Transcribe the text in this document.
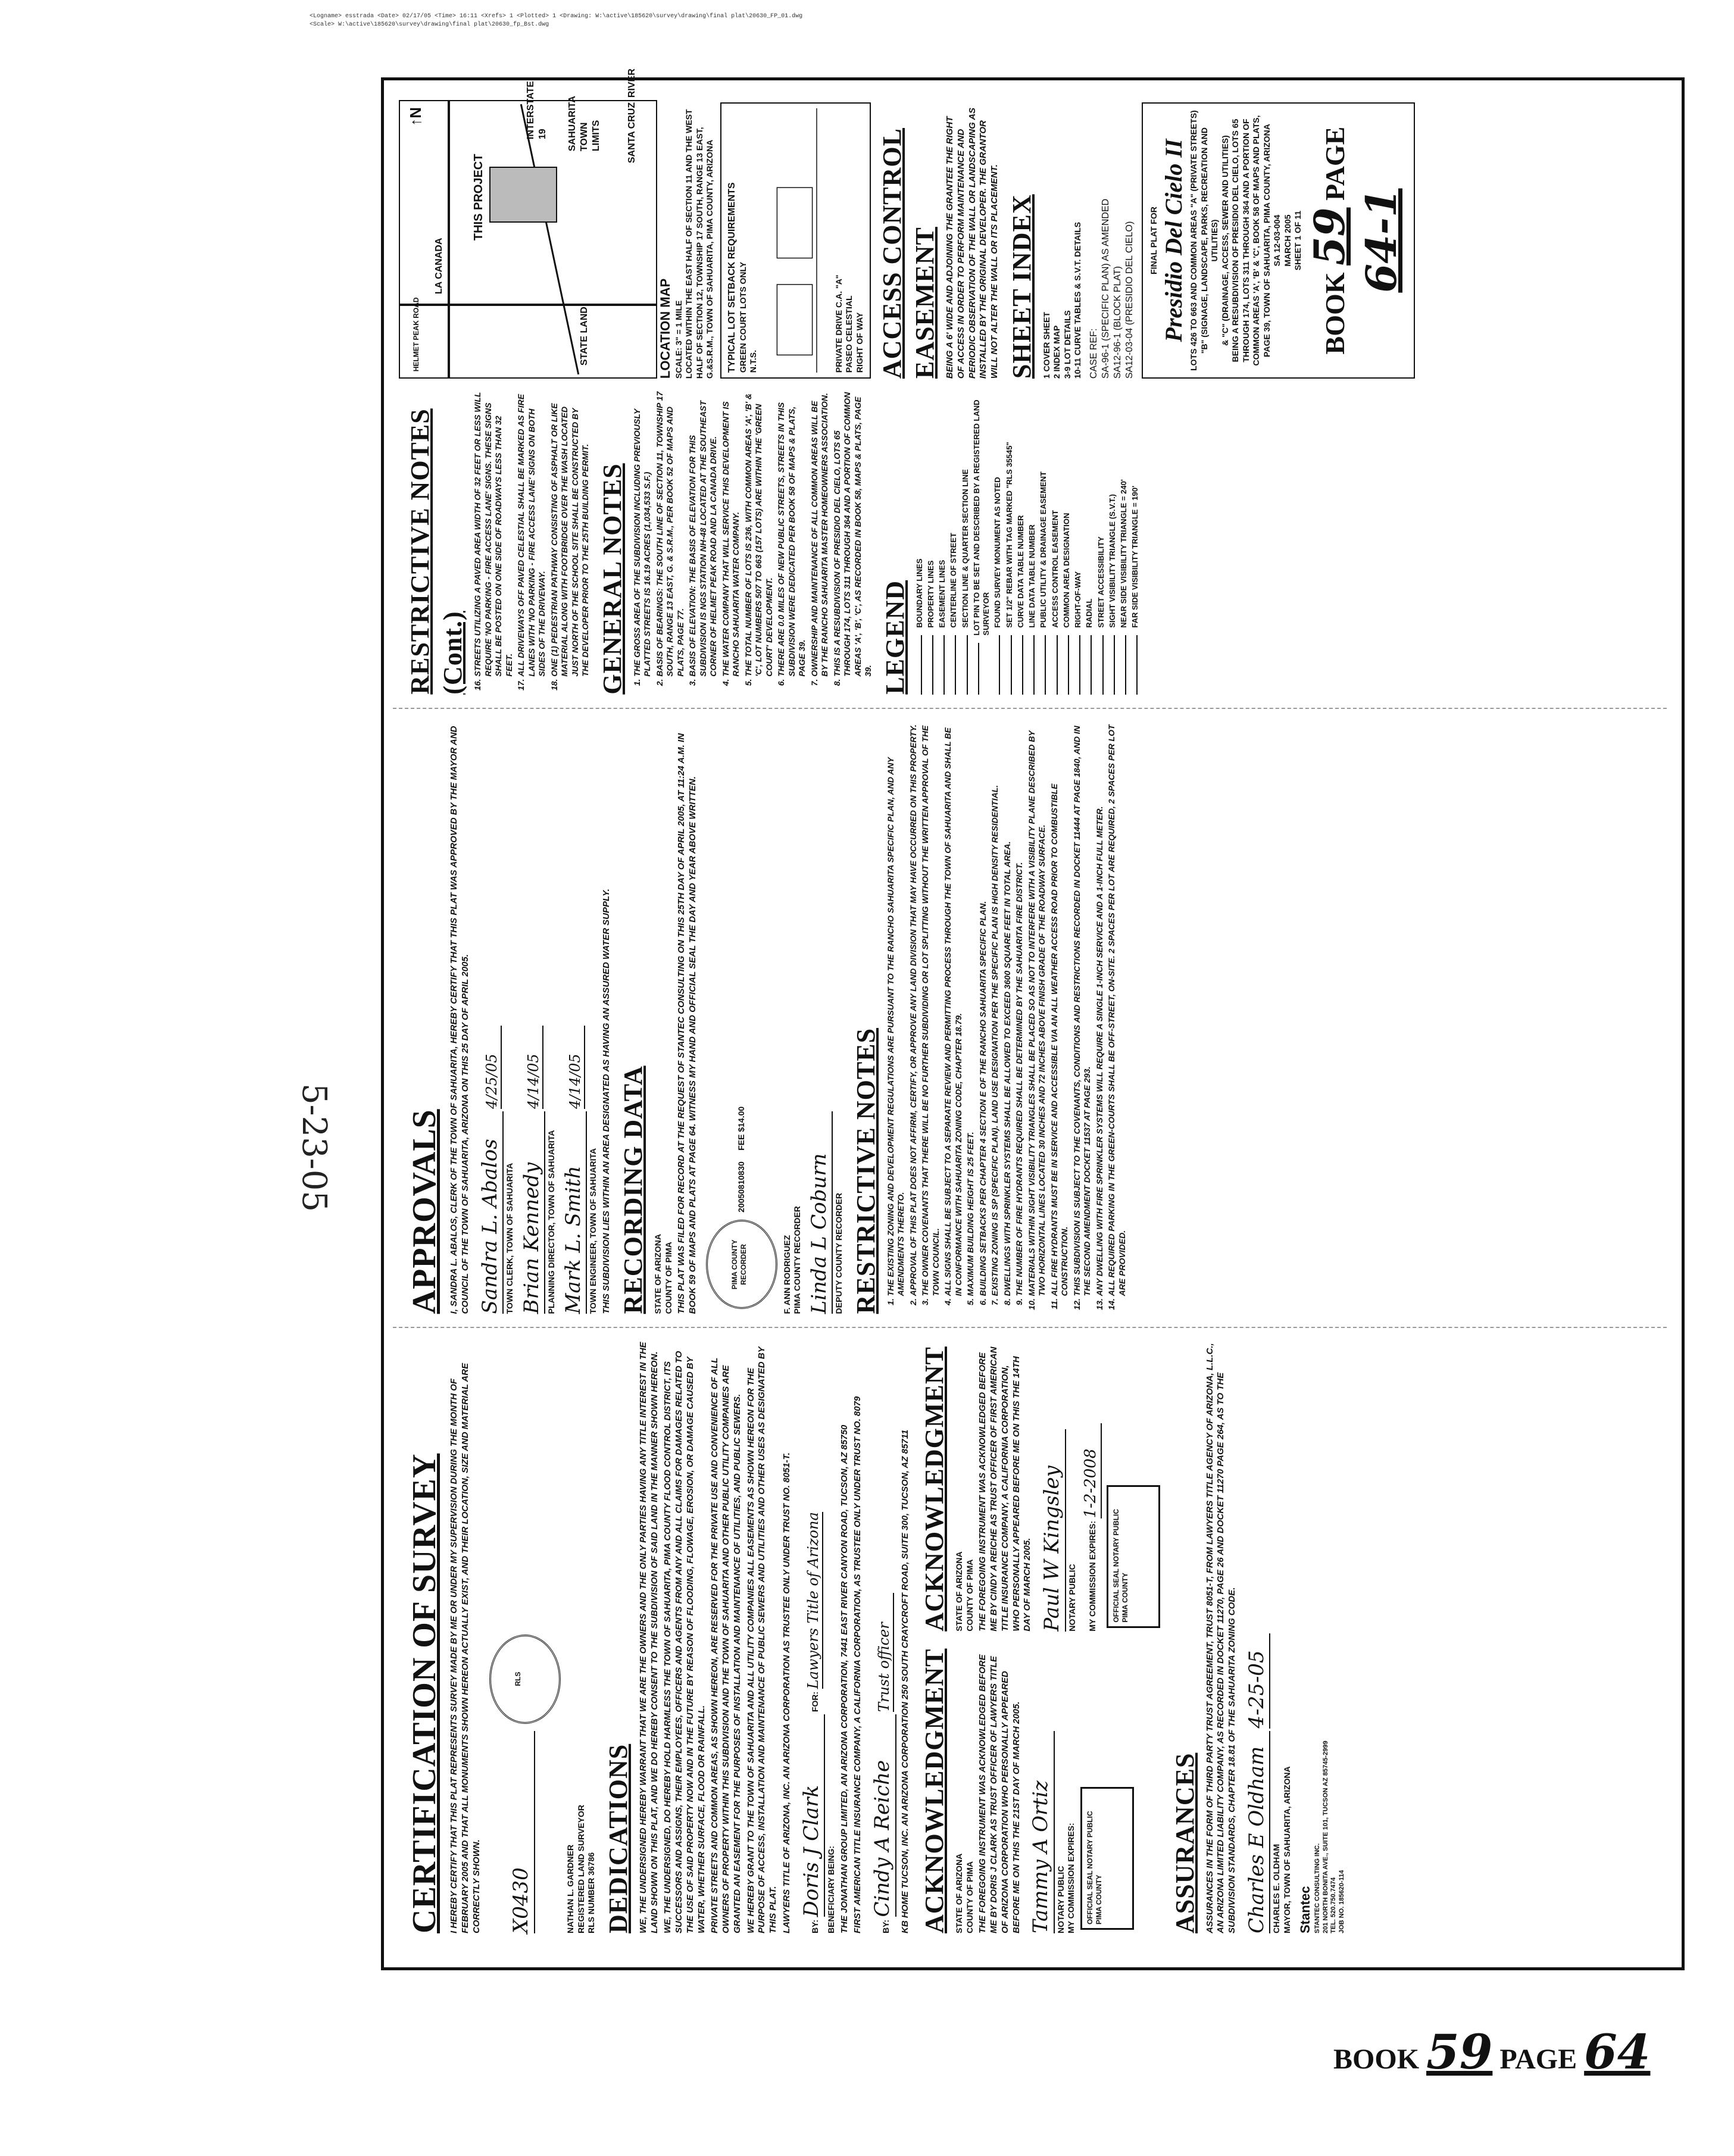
<Logname> esstrada <Date> 02/17/05 <Time> 16:11 <Xrefs> 1 <Plotted> 1 <Drawing: W:\active\185620\survey\drawing\final plat\20630_FP_01.dwg
<Scale> W:\active\185620\survey\drawing\final plat\20630_fp_Bst.dwg
CERTIFICATION OF SURVEY I HEREBY CERTIFY THAT THIS PLAT REPRESENTS SURVEY MADE BY ME OR UNDER MY SUPERVISION DURING THE MONTH OF FEBRUARY 2005 AND THAT ALL MONUMENTS SHOWN HEREON ACTUALLY EXIST, AND THEIR LOCATION, SIZE AND MATERIAL ARE CORRECTLY SHOWN. X0430 RLS
NATHAN L. GARDNER REGISTERED LAND SURVEYOR RLS NUMBER 36786 DEDICATIONS WE, THE UNDERSIGNED HEREBY WARRANT THAT WE ARE THE OWNERS AND THE ONLY PARTIES HAVING ANY TITLE INTEREST IN THE LAND SHOWN ON THIS PLAT, AND WE DO HEREBY CONSENT TO THE SUBDIVISION OF SAID LAND IN THE MANNER SHOWN HEREON. WE, THE UNDERSIGNED, DO HEREBY HOLD HARMLESS THE TOWN OF SAHUARITA, PIMA COUNTY FLOOD CONTROL DISTRICT, ITS SUCCESSORS AND ASSIGNS, THEIR EMPLOYEES, OFFICERS AND AGENTS FROM ANY AND ALL CLAIMS FOR DAMAGES RELATED TO THE USE OF SAID PROPERTY NOW AND IN THE FUTURE BY REASON OF FLOODING, FLOWAGE, EROSION, OR DAMAGE CAUSED BY WATER, WHETHER SURFACE, FLOOD OR RAINFALL. PRIVATE STREETS AND COMMON AREAS, AS SHOWN HEREON, ARE RESERVED FOR THE PRIVATE USE AND CONVENIENCE OF ALL OWNERS OF PROPERTY WITHIN THIS SUBDIVISION AND THE TOWN OF SAHUARITA AND OTHER PUBLIC UTILITY COMPANIES ARE GRANTED AN EASEMENT FOR THE PURPOSES OF INSTALLATION AND MAINTENANCE OF UTILITIES, AND PUBLIC SEWERS. WE HEREBY GRANT TO THE TOWN OF SAHUARITA AND ALL UTILITY COMPANIES ALL EASEMENTS AS SHOWN HEREON FOR THE PURPOSE OF ACCESS, INSTALLATION AND MAINTENANCE OF PUBLIC SEWERS AND UTILITIES AND OTHER USES AS DESIGNATED BY THIS PLAT. LAWYERS TITLE OF ARIZONA, INC. AN ARIZONA CORPORATION AS TRUSTEE ONLY UNDER TRUST NO. 8051-T.	BY: Doris J Clark FOR: Lawyers Title of Arizona
BENEFICIARY BEING: THE JONATHAN GROUP LIMITED, AN ARIZONA CORPORATION, 7441 EAST RIVER CANYON ROAD, TUCSON, AZ 85750 FIRST AMERICAN TITLE INSURANCE COMPANY, A CALIFORNIA CORPORATION, AS TRUSTEE ONLY UNDER TRUST NO. 8079	BY: Cindy A Reiche Trust officer KB HOME TUCSON, INC. AN ARIZONA CORPORATION 250 SOUTH CRAYCROFT ROAD, SUITE 300, TUCSON, AZ 85711 ACKNOWLEDGMENT STATE OF ARIZONA COUNTY OF PIMA THE FOREGOING INSTRUMENT WAS ACKNOWLEDGED BEFORE ME BY DORIS J CLARK AS TRUST OFFICER OF LAWYERS TITLE OF ARIZONA CORPORATION WHO PERSONALLY APPEARED BEFORE ME ON THIS THE 21ST DAY OF MARCH 2005. Tammy A Ortiz NOTARY PUBLIC MY COMMISSION EXPIRES: OFFICIAL SEAL NOTARY PUBLIC PIMA COUNTY
ACKNOWLEDGMENT STATE OF ARIZONA COUNTY OF PIMA THE FOREGOING INSTRUMENT WAS ACKNOWLEDGED BEFORE ME BY CINDY A REICHE AS TRUST OFFICER OF FIRST AMERICAN TITLE INSURANCE COMPANY, A CALIFORNIA CORPORATION, WHO PERSONALLY APPEARED BEFORE ME ON THIS THE 14TH DAY OF MARCH 2005. Paul W Kingsley NOTARY PUBLIC	MY COMMISSION EXPIRES: 1-2-2008
OFFICIAL SEAL NOTARY PUBLIC PIMA COUNTY
ASSURANCES ASSURANCES IN THE FORM OF THIRD PARTY TRUST AGREEMENT, TRUST 8051-T, FROM LAWYERS TITLE AGENCY OF ARIZONA, L.L.C., AN ARIZONA LIMITED LIABILITY COMPANY, AS RECORDED IN DOCKET 11270, PAGE 26 AND DOCKET 11270 PAGE 264, AS TO THE SUBDIVISION STANDARDS, CHAPTER 18.81 OF THE SAHUARITA ZONING CODE. Charles E Oldham 4-25-05
CHARLES E. OLDHAM MAYOR, TOWN OF SAHUARITA, ARIZONA Stantec STANTEC CONSULTING INC. 201 NORTH BONITA AVE., SUITE 101, TUCSON AZ 85745-2999 TEL. 520.750.7474 JOB NO. 185620-114
APPROVALS I, SANDRA L. ABALOS, CLERK OF THE TOWN OF SAHUARITA, HEREBY CERTIFY THAT THIS PLAT WAS APPROVED BY THE MAYOR AND COUNCIL OF THE TOWN OF SAHUARITA, ARIZONA ON THIS 25 DAY OF APRIL 2005. Sandra L. Abalos 4/25/05
TOWN CLERK, TOWN OF SAHUARITA Brian Kennedy 4/14/05
PLANNING DIRECTOR, TOWN OF SAHUARITA Mark L. Smith 4/14/05
TOWN ENGINEER, TOWN OF SAHUARITA THIS SUBDIVISION LIES WITHIN AN AREA DESIGNATED AS HAVING AN ASSURED WATER SUPPLY. RECORDING DATA STATE OF ARIZONA COUNTY OF PIMA THIS PLAT WAS FILED FOR RECORD AT THE REQUEST OF STANTEC CONSULTING ON THIS 25TH DAY OF APRIL 2005, AT 11:24 A.M. IN BOOK 59 OF MAPS AND PLATS AT PAGE 64. WITNESS MY HAND AND OFFICIAL SEAL THE DAY AND YEAR ABOVE WRITTEN.	PIMA COUNTY RECORDER 20050810830 FEE $14.00
F. ANN RODRIGUEZ PIMA COUNTY RECORDER Linda L Coburn DEPUTY COUNTY RECORDER RESTRICTIVE NOTES 1. THE EXISTING ZONING AND DEVELOPMENT REGULATIONS ARE PURSUANT TO THE RANCHO SAHUARITA SPECIFIC PLAN, AND ANY AMENDMENTS THERETO. 2. APPROVAL OF THIS PLAT DOES NOT AFFIRM, CERTIFY, OR APPROVE ANY LAND DIVISION THAT MAY HAVE OCCURRED ON THIS PROPERTY. 3. THE OWNER COVENANTS THAT THERE WILL BE NO FURTHER SUBDIVIDING OR LOT SPLITTING WITHOUT THE WRITTEN APPROVAL OF THE TOWN COUNCIL. 4. ALL SIGNS SHALL BE SUBJECT TO A SEPARATE REVIEW AND PERMITTING PROCESS THROUGH THE TOWN OF SAHUARITA AND SHALL BE IN CONFORMANCE WITH SAHUARITA ZONING CODE, CHAPTER 18.79. 5. MAXIMUM BUILDING HEIGHT IS 25 FEET. 6. BUILDING SETBACKS PER CHAPTER 4 SECTION E OF THE RANCHO SAHUARITA SPECIFIC PLAN. 7. EXISTING ZONING IS SP (SPECIFIC PLAN). LAND USE DESIGNATION PER THE SPECIFIC PLAN IS HIGH DENSITY RESIDENTIAL. 8. DWELLINGS WITH SPRINKLER SYSTEMS SHALL BE ALLOWED TO EXCEED 3600 SQUARE FEET IN TOTAL AREA. 9. THE NUMBER OF FIRE HYDRANTS REQUIRED SHALL BE DETERMINED BY THE SAHUARITA FIRE DISTRICT. 10. MATERIALS WITHIN SIGHT VISIBILITY TRIANGLES SHALL BE PLACED SO AS NOT TO INTERFERE WITH A VISIBILITY PLANE DESCRIBED BY TWO HORIZONTAL LINES LOCATED 30 INCHES AND 72 INCHES ABOVE FINISH GRADE OF THE ROADWAY SURFACE. 11. ALL FIRE HYDRANTS MUST BE IN SERVICE AND ACCESSIBLE VIA AN ALL WEATHER ACCESS ROAD PRIOR TO COMBUSTIBLE CONSTRUCTION. 12. THIS SUBDIVISION IS SUBJECT TO THE COVENANTS, CONDITIONS AND RESTRICTIONS RECORDED IN DOCKET 11444 AT PAGE 1840, AND IN THE SECOND AMENDMENT DOCKET 11537 AT PAGE 293. 13. ANY DWELLING WITH FIRE SPRINKLER SYSTEMS WILL REQUIRE A SINGLE 1-INCH SERVICE AND A 1-INCH FULL METER. 14. ALL REQUIRED PARKING IN THE GREEN-COURTS SHALL BE OFF-STREET, ON-SITE. 2 SPACES PER LOT ARE REQUIRED, 2 SPACES PER LOT ARE PROVIDED.
RESTRICTIVE NOTES (Cont.) 16. STREETS UTILIZING A PAVED AREA WIDTH OF 32 FEET OR LESS WILL REQUIRE 'NO PARKING - FIRE ACCESS LANE' SIGNS. THESE SIGNS SHALL BE POSTED ON ONE SIDE OF ROADWAYS LESS THAN 32 FEET. 17. ALL DRIVEWAYS OFF PAVED CELESTIAL SHALL BE MARKED AS FIRE LANES WITH 'NO PARKING - FIRE ACCESS LANE' SIGNS ON BOTH SIDES OF THE DRIVEWAY. 18. ONE (1) PEDESTRIAN PATHWAY CONSISTING OF ASPHALT OR LIKE MATERIAL ALONG WITH FOOTBRIDGE OVER THE WASH LOCATED JUST NORTH OF THE SCHOOL SITE SHALL BE CONSTRUCTED BY THE DEVELOPER PRIOR TO THE 25TH BUILDING PERMIT. GENERAL NOTES 1. THE GROSS AREA OF THE SUBDIVISION INCLUDING PREVIOUSLY PLATTED STREETS IS 16.19 ACRES (1,034,533 S.F.) 2. BASIS OF BEARINGS: THE SOUTH LINE OF SECTION 11, TOWNSHIP 17 SOUTH, RANGE 13 EAST, G. & S.R.M., PER BOOK 52 OF MAPS AND PLATS, PAGE 77. 3. BASIS OF ELEVATION: THE BASIS OF ELEVATION FOR THIS SUBDIVISION IS NGS STATION NH-48 LOCATED AT THE SOUTHEAST CORNER OF HELMET PEAK ROAD AND LA CANADA DRIVE. 4. THE WATER COMPANY THAT WILL SERVICE THIS DEVELOPMENT IS RANCHO SAHUARITA WATER COMPANY. 5. THE TOTAL NUMBER OF LOTS IS 236, WITH COMMON AREAS 'A', 'B' & 'C', LOT NUMBERS 507 TO 663 (157 LOTS) ARE WITHIN THE 'GREEN COURT' DEVELOPMENT. 6. THERE ARE 0.0 MILES OF NEW PUBLIC STREETS, STREETS IN THIS SUBDIVISION WERE DEDICATED PER BOOK 58 OF MAPS & PLATS, PAGE 39. 7. OWNERSHIP AND MAINTENANCE OF ALL COMMON AREAS WILL BE BY THE RANCHO SAHUARITA MASTER HOMEOWNERS ASSOCIATION. 8. THIS IS A RESUBDIVISION OF PRESIDIO DEL CIELO, LOTS 65 THROUGH 174, LOTS 311 THROUGH 364 AND A PORTION OF COMMON AREAS 'A', 'B', 'C', AS RECORDED IN BOOK 58, MAPS & PLATS, PAGE 39. LEGEND BOUNDARY LINES PROPERTY LINES EASEMENT LINES CENTERLINE OF STREET SECTION LINE & QUARTER SECTION LINE LOT PIN TO BE SET AND DESCRIBED BY A REGISTERED LAND SURVEYOR FOUND SURVEY MONUMENT AS NOTED SET 1/2" REBAR WITH TAG MARKED "RLS 35545" CURVE DATA TABLE NUMBER LINE DATA TABLE NUMBER PUBLIC UTILITY & DRAINAGE EASEMENT ACCESS CONTROL EASEMENT COMMON AREA DESIGNATION RIGHT-OF-WAY RADIAL STREET ACCESSIBILITY SIGHT VISIBILITY TRIANGLE (S.V.T.) NEAR SIDE VISIBILITY TRIANGLE = 240' FAR SIDE VISIBILITY TRIANGLE = 190'
LA CANADA
INTERSTATE 19
THIS PROJECT
SAHUARITA TOWN LIMITS
STATE LAND
RIVER
SANTA CRUZ
HELMET PEAK ROAD
↑N
LOCATION MAP SCALE: 3" = 1 MILE LOCATED WITHIN THE EAST HALF OF SECTION 11 AND THE WEST HALF OF SECTION 12, TOWNSHIP 17 SOUTH, RANGE 13 EAST, G.&S.R.M., TOWN OF SAHUARITA, PIMA COUNTY, ARIZONA TYPICAL LOT SETBACK REQUIREMENTS GREEN COURT LOTS ONLY N.T.S.	PRIVATE DRIVE C.A. "A" PASEO CELESTIAL RIGHT OF WAY ACCESS CONTROL EASEMENT BEING A 6' WIDE AND ADJOINING THE GRANTEE THE RIGHT OF ACCESS IN ORDER TO PERFORM MAINTENANCE AND PERIODIC OBSERVATION OF THE WALL OR LANDSCAPING AS INSTALLED BY THE ORIGINAL DEVELOPER. THE GRANTOR WILL NOT ALTER THE WALL OR ITS PLACEMENT. SHEET INDEX 1 COVER SHEET 2 INDEX MAP 3-9 LOT DETAILS 10-11 CURVE TABLES & S.V.T. DETAILS CASE REF: SA-96-1 (SPECIFIC PLAN) AS AMENDED SA12-96-1 (BLOCK PLAT) SA12-03-04 (PRESIDIO DEL CIELO) FINAL PLAT FOR Presidio Del Cielo II LOTS 426 TO 663 AND COMMON AREAS "A" (PRIVATE STREETS) "B" (SIGNAGE, LANDSCAPE, PARKS, RECREATION AND UTILITIES) & "C" (DRAINAGE, ACCESS, SEWER AND UTILITIES) BEING A RESUBDIVISION OF PRESIDIO DEL CIELO, LOTS 65 THROUGH 174, LOTS 311 THROUGH 364 AND A PORTION OF COMMON AREAS 'A', 'B' & 'C', BOOK 58 OF MAPS AND PLATS, PAGE 39, TOWN OF SAHUARITA, PIMA COUNTY, ARIZONA SA 12-03-004 MARCH 2005 SHEET 1 OF 11
BOOK 59 PAGE 64-1
5-23-05
BOOK 59 PAGE 64
